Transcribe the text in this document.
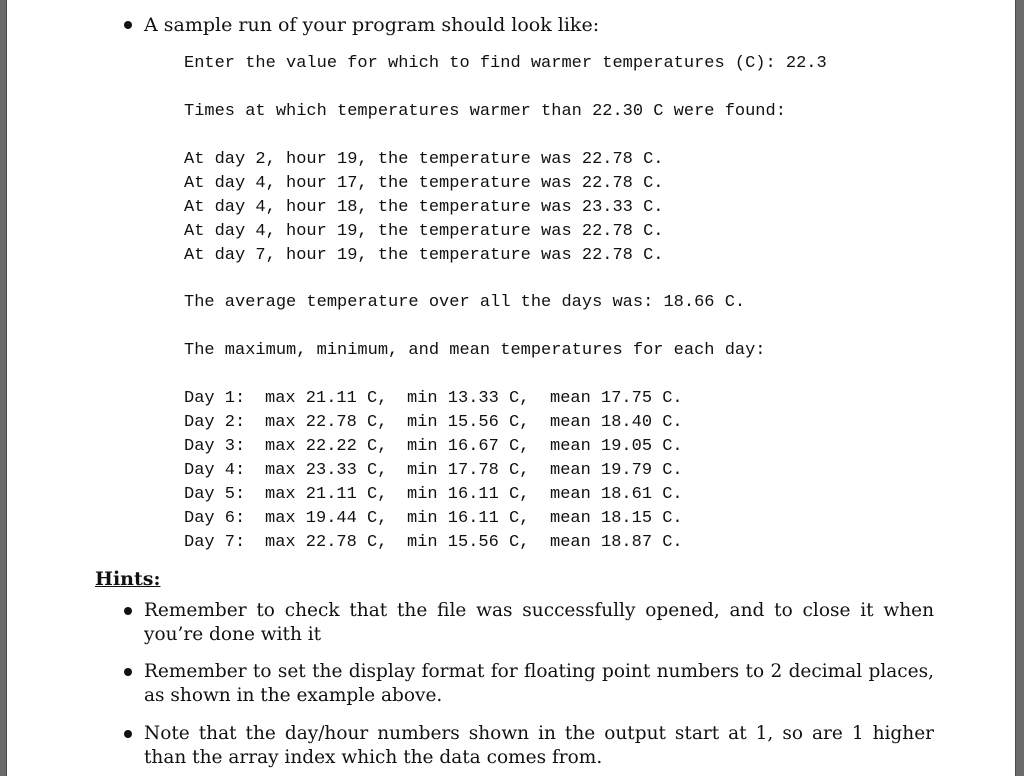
A sample run of your program should look like:
Enter the value for which to find warmer temperatures (C): 22.3
Times at which temperatures warmer than 22.30 C were found:
At day 2, hour 19, the temperature was 22.78 C.
At day 4, hour 17, the temperature was 22.78 C.
At day 4, hour 18, the temperature was 23.33 C.
At day 4, hour 19, the temperature was 22.78 C.
At day 7, hour 19, the temperature was 22.78 C.
The average temperature over all the days was: 18.66 C.
The maximum, minimum, and mean temperatures for each day:
Day 1:	max 21.11 C,	min 13.33 C,	mean 17.75 C.
Day 2:	max 22.78 C,	min 15.56 C,	mean 18.40 C.
Day 3:	max 22.22 C,	min 16.67 C,	mean 19.05 C.
Day 4:	max 23.33 C,	min 17.78 C,	mean 19.79 C.
Day 5:	max 21.11 C,	min 16.11 C,	mean 18.61 C.
Day 6:	max 19.44 C,	min 16.11 C,	mean 18.15 C.
Day 7:	max 22.78 C,	min 15.56 C,	mean 18.87 C.
Hints:
Remember to check that the file was successfully opened, and to close it when you’re done with it
Remember to set the display format for floating point numbers to 2 decimal places, as shown in the example above.
Note that the day/hour numbers shown in the output start at 1, so are 1 higher than the array index which the data comes from.
